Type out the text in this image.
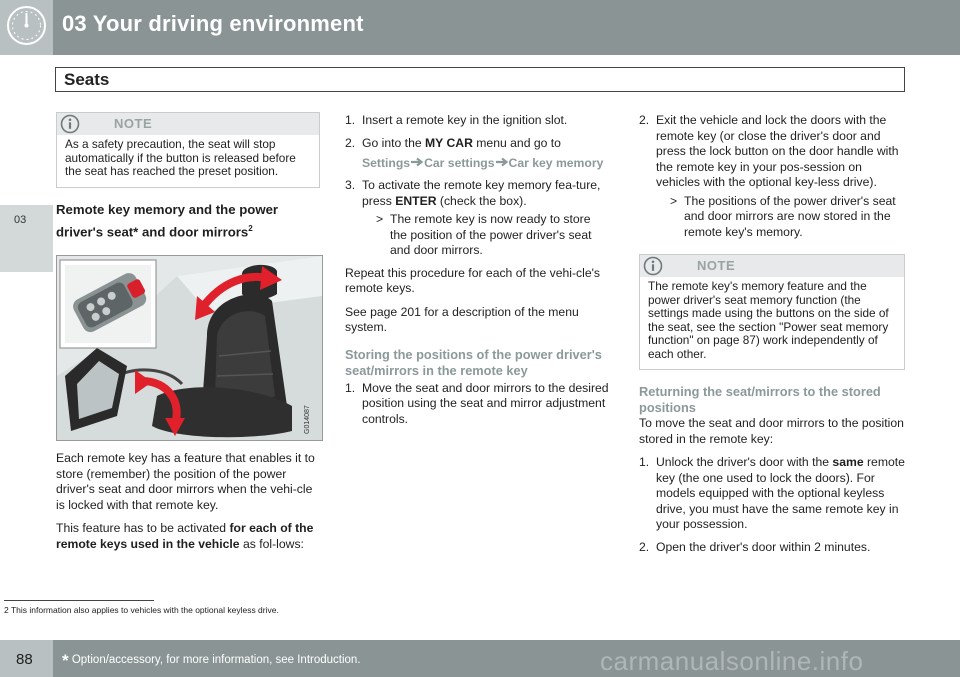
03 Your driving environment
03
Seats
NOTE
As a safety precaution, the seat will stop automatically if the button is released before the seat has reached the preset position.
Remote key memory and the power driver's seat* and door mirrors$^2$
G014087

Each remote key has a feature that enables it to store (remember) the position of the power driver's seat and door mirrors when the vehi-cle is locked with that remote key.

This feature has to be activated for each of the remote keys used in the vehicle as fol-lows:

1. Insert a remote key in the ignition slot.
2. Go into the MY CAR menu and go to
Settings Car settings Car key memory
3. To activate the remote key memory fea-ture, press ENTER (check the box).
> The remote key is now ready to store the position of the power driver's seat and door mirrors.

Repeat this procedure for each of the vehi-cle's remote keys.

See page 201 for a description of the menu system.

Storing the positions of the power driver's seat/mirrors in the remote key
1. Move the seat and door mirrors to the desired position using the seat and mirror adjustment controls.
2. Exit the vehicle and lock the doors with the remote key (or close the driver's door and press the lock button on the door handle with the remote key in your pos-session on vehicles with the optional key-less drive).
> The positions of the power driver's seat and door mirrors are now stored in the remote key's memory.
NOTE
The remote key's memory feature and the power driver's seat memory function (the settings made using the buttons on the side of the seat, see the section "Power seat memory function" on page 87) work independently of each other.
Returning the seat/mirrors to the stored positions

To move the seat and door mirrors to the position stored in the remote key:

1. Unlock the driver's door with the same remote key (the one used to lock the doors). For models equipped with the optional keyless drive, you must have the same remote key in your possession.
2. Open the driver's door within 2 minutes.
2 This information also applies to vehicles with the optional keyless drive.
88 * Option/accessory, for more information, see Introduction.	carmanualsonline.info
